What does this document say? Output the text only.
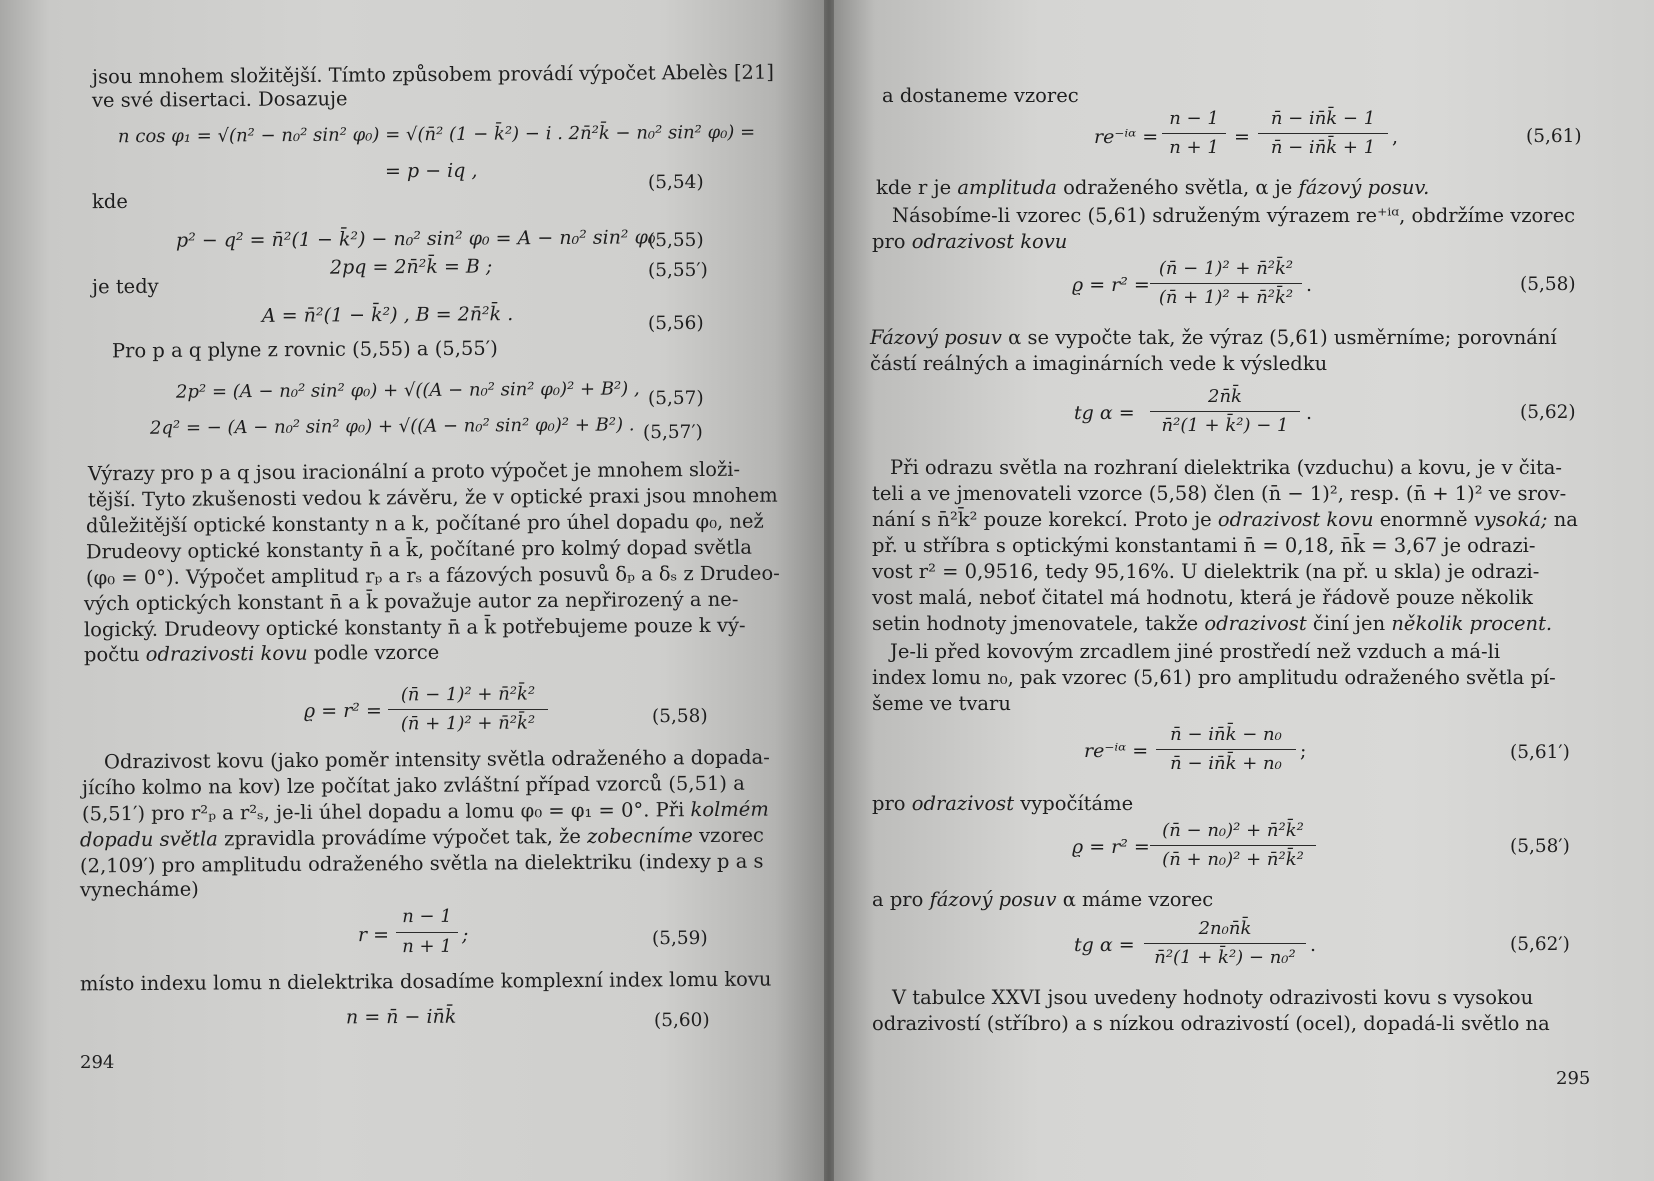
jsou mnohem složitější. Tímto způsobem provádí výpočet Abelès [21]
ve své disertaci. Dosazuje
n cos φ₁ = √(n² − n₀² sin² φ₀) = √(n̄² (1 − k̄²) − i . 2n̄²k̄ − n₀² sin² φ₀) =
= p − iq ,
(5,54)
kde
p² − q² = n̄²(1 − k̄²) − n₀² sin² φ₀ = A − n₀² sin² φ₀
(5,55)
2pq = 2n̄²k̄ = B ;	(5,55′)
je tedy
A = n̄²(1 − k̄²) , B = 2n̄²k̄ .	(5,56)
Pro p a q plyne z rovnic (5,55) a (5,55′)
2p² = (A − n₀² sin² φ₀) + √((A − n₀² sin² φ₀)² + B²) , (5,57)
2q² = − (A − n₀² sin² φ₀) + √((A − n₀² sin² φ₀)² + B²) . (5,57′)
Výrazy pro p a q jsou iracionální a proto výpočet je mnohem složi-
tější. Tyto zkušenosti vedou k závěru, že v optické praxi jsou mnohem
důležitější optické konstanty n a k, počítané pro úhel dopadu φ₀, než
Drudeovy optické konstanty n̄ a k̄, počítané pro kolmý dopad světla
(φ₀ = 0°). Výpočet amplitud rₚ a rₛ a fázových posuvů δₚ a δₛ z Drudeo-
vých optických konstant n̄ a k̄ považuje autor za nepřirozený a ne-
logický. Drudeovy optické konstanty n̄ a k̄ potřebujeme pouze k vý-
počtu odrazivosti kovu podle vzorce
ϱ = r² =
(n̄ − 1)² + n̄²k̄²
(n̄ + 1)² + n̄²k̄²	(5,58)
Odrazivost kovu (jako poměr intensity světla odraženého a dopada-
jícího kolmo na kov) lze počítat jako zvláštní případ vzorců (5,51) a
(5,51′) pro r²ₚ a r²ₛ, je-li úhel dopadu a lomu φ₀ = φ₁ = 0°. Při kolmém
dopadu světla zpravidla provádíme výpočet tak, že zobecníme vzorec
(2,109′) pro amplitudu odraženého světla na dielektriku (indexy p a s
vynecháme)
r =
n − 1
n + 1
;	(5,59)
místo indexu lomu n dielektrika dosadíme komplexní index lomu kovu
n = n̄ − in̄k̄	(5,60)
294
a dostaneme vzorec
re⁻ⁱᵅ =
n − 1
n + 1 =
n̄ − in̄k̄ − 1
n̄ − in̄k̄ + 1 ,	(5,61)
kde r je amplituda odraženého světla, α je fázový posuv.
Násobíme-li vzorec (5,61) sdruženým výrazem re⁺ⁱᵅ, obdržíme vzorec
pro odrazivost kovu
ϱ = r² =
(n̄ − 1)² + n̄²k̄²
(n̄ + 1)² + n̄²k̄²
.	(5,58)
Fázový posuv α se vypočte tak, že výraz (5,61) usměrníme; porovnání
částí reálných a imaginárních vede k výsledku
tg α =
2n̄k̄
n̄²(1 + k̄²) − 1
.	(5,62)
Při odrazu světla na rozhraní dielektrika (vzduchu) a kovu, je v čita-
teli a ve jmenovateli vzorce (5,58) člen (n̄ − 1)², resp. (n̄ + 1)² ve srov-
nání s n̄²k̄² pouze korekcí. Proto je odrazivost kovu enormně vysoká; na
př. u stříbra s optickými konstantami n̄ = 0,18, n̄k̄ = 3,67 je odrazi-
vost r² = 0,9516, tedy 95,16%. U dielektrik (na př. u skla) je odrazi-
vost malá, neboť čitatel má hodnotu, která je řádově pouze několik
setin hodnoty jmenovatele, takže odrazivost činí jen několik procent.
Je-li před kovovým zrcadlem jiné prostředí než vzduch a má-li
index lomu n₀, pak vzorec (5,61) pro amplitudu odraženého světla pí-
šeme ve tvaru
re⁻ⁱᵅ =
n̄ − in̄k̄ − n₀
n̄ − in̄k̄ + n₀
;	(5,61′)
pro odrazivost vypočítáme
ϱ = r² =
(n̄ − n₀)² + n̄²k̄²
(n̄ + n₀)² + n̄²k̄²
(5,58′)
a pro fázový posuv α máme vzorec
tg α =
2n₀n̄k̄
n̄²(1 + k̄²) − n₀²
.	(5,62′)
V tabulce XXVI jsou uvedeny hodnoty odrazivosti kovu s vysokou
odrazivostí (stříbro) a s nízkou odrazivostí (ocel), dopadá-li světlo na
295
